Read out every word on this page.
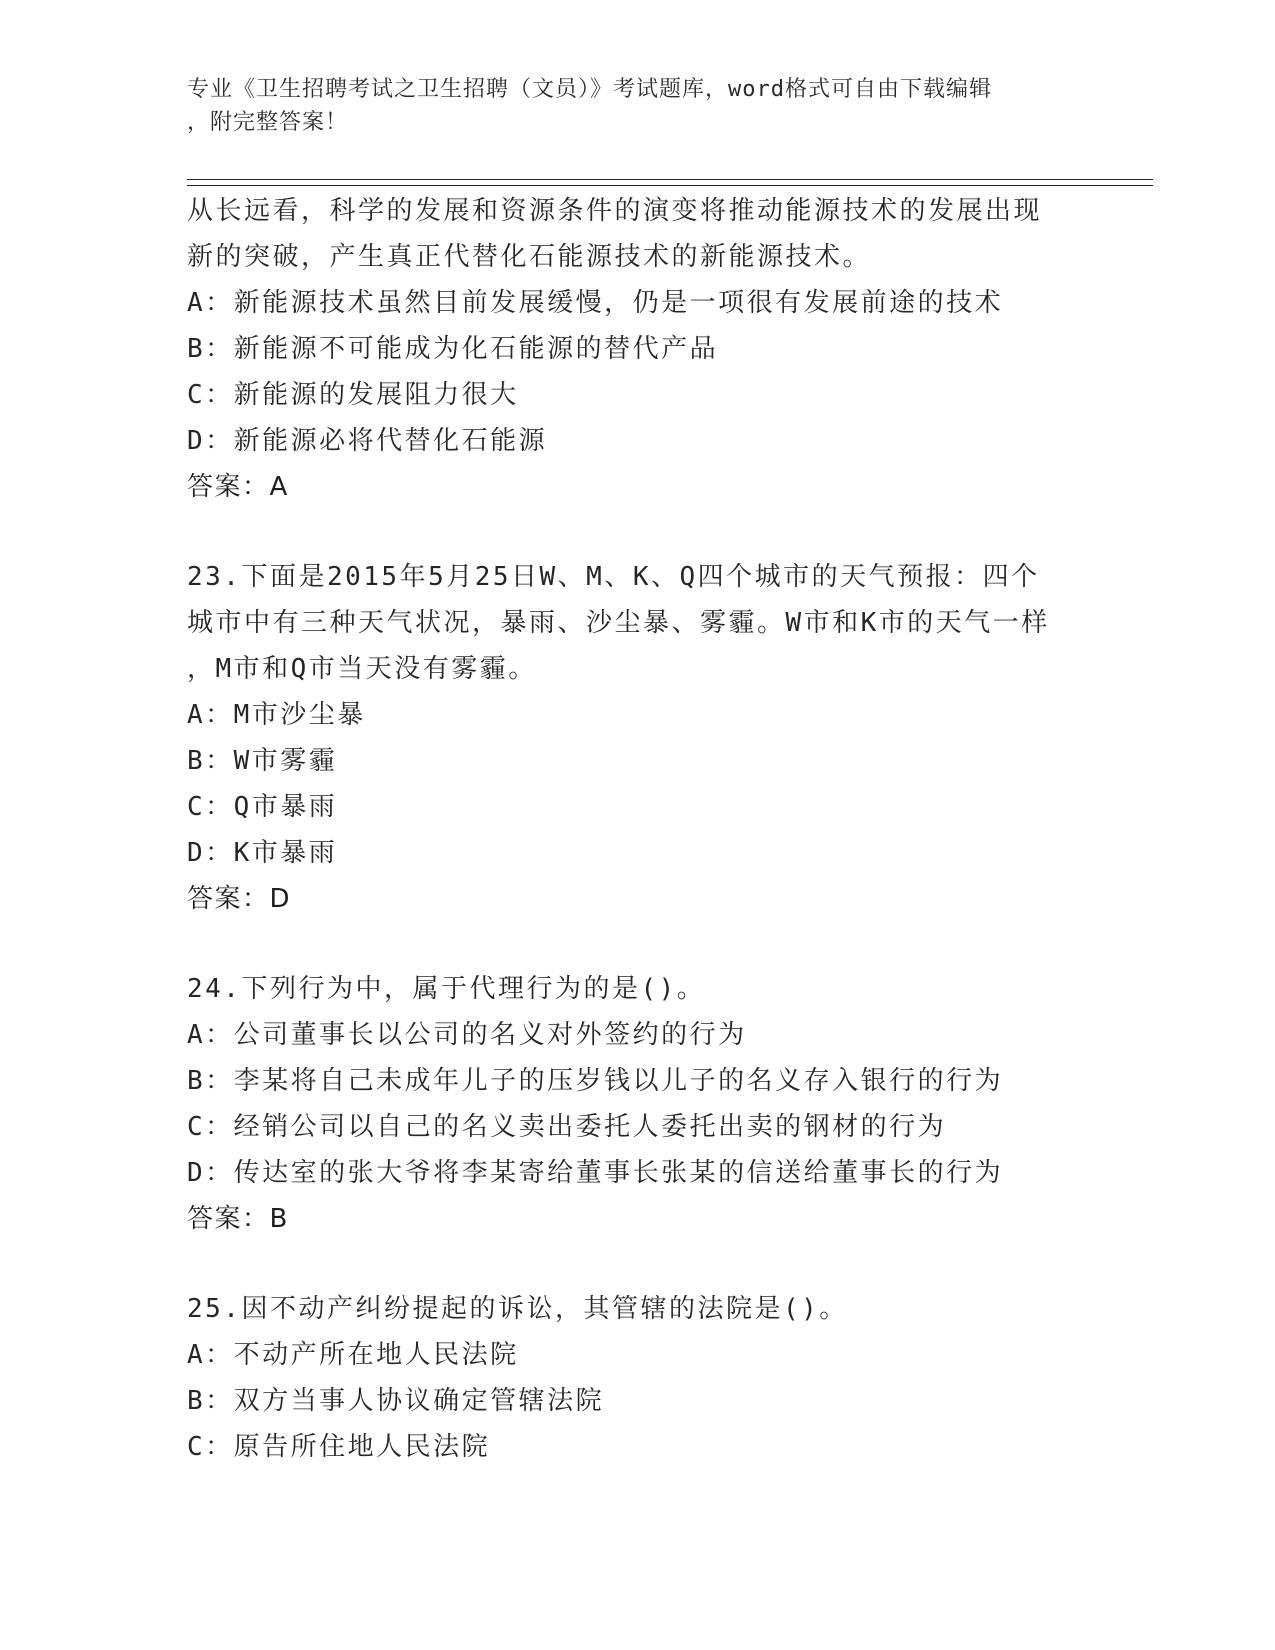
专业《卫生招聘考试之卫生招聘（文员）》考试题库，word格式可自由下载编辑
，附完整答案！
从长远看，科学的发展和资源条件的演变将推动能源技术的发展出现
新的突破，产生真正代替化石能源技术的新能源技术。
A：新能源技术虽然目前发展缓慢，仍是一项很有发展前途的技术
B：新能源不可能成为化石能源的替代产品
C：新能源的发展阻力很大
D：新能源必将代替化石能源
答案：A
23.下面是2015年5月25日W、M、K、Q四个城市的天气预报：四个
城市中有三种天气状况，暴雨、沙尘暴、雾霾。W市和K市的天气一样
，M市和Q市当天没有雾霾。
A：M市沙尘暴
B：W市雾霾
C：Q市暴雨
D：K市暴雨
答案：D
24.下列行为中，属于代理行为的是()。
A：公司董事长以公司的名义对外签约的行为
B：李某将自己未成年儿子的压岁钱以儿子的名义存入银行的行为
C：经销公司以自己的名义卖出委托人委托出卖的钢材的行为
D：传达室的张大爷将李某寄给董事长张某的信送给董事长的行为
答案：B
25.因不动产纠纷提起的诉讼，其管辖的法院是()。
A：不动产所在地人民法院
B：双方当事人协议确定管辖法院
C：原告所住地人民法院
